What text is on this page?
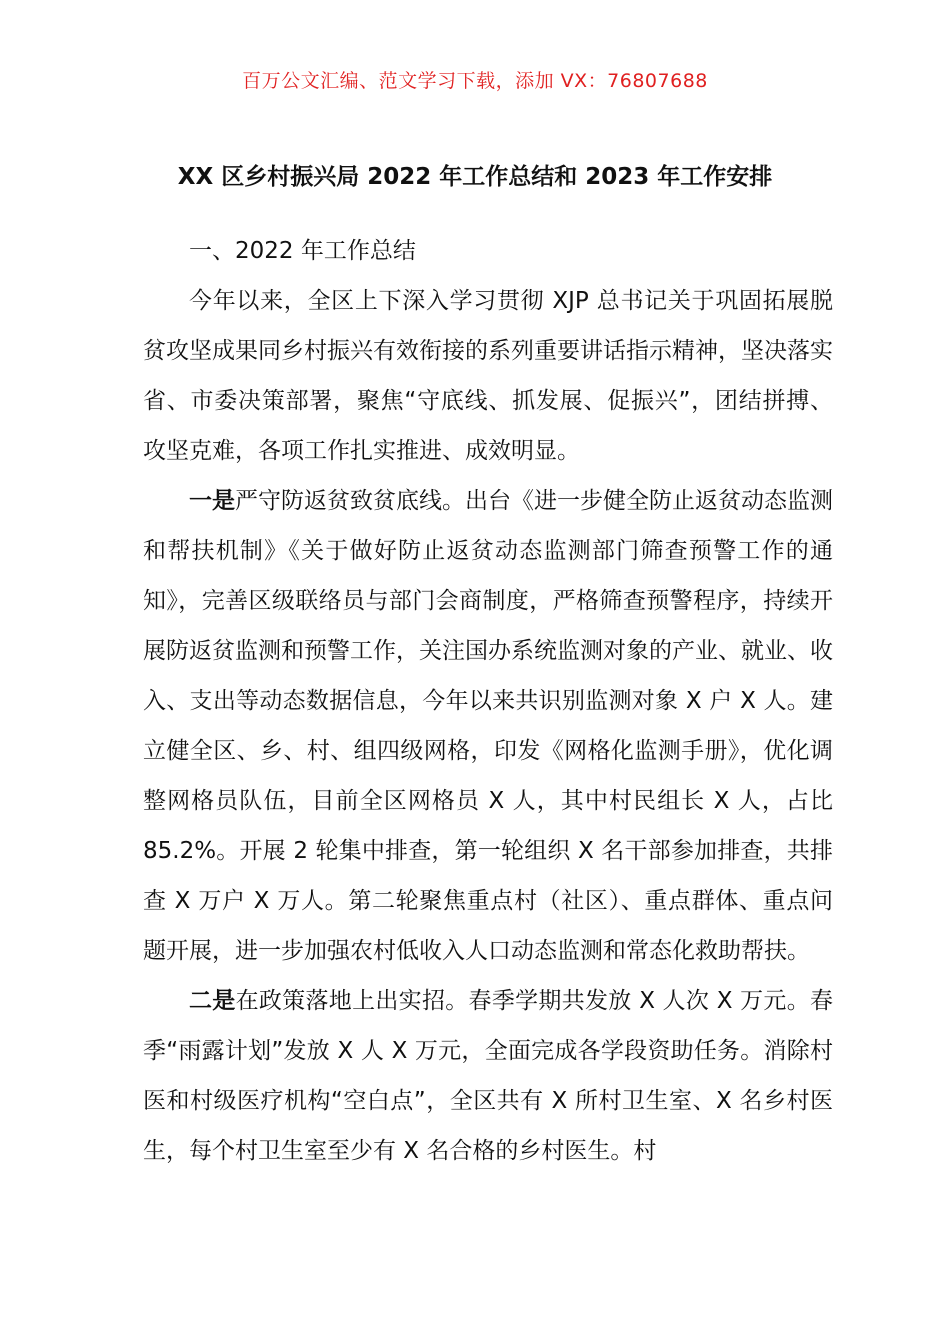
百万公文汇编、范文学习下载，添加 VX：76807688
XX 区乡村振兴局 2022 年工作总结和 2023 年工作安排

一、2022 年工作总结

今年以来，全区上下深入学习贯彻 XJP 总书记关于巩固拓展脱贫攻坚成果同乡村振兴有效衔接的系列重要讲话指示精神，坚决落实省、市委决策部署，聚焦“守底线、抓发展、促振兴”，团结拼搏、攻坚克难，各项工作扎实推进、成效明显。

一是严守防返贫致贫底线。出台《进一步健全防止返贫动态监测和帮扶机制》《关于做好防止返贫动态监测部门筛查预警工作的通知》，完善区级联络员与部门会商制度，严格筛查预警程序，持续开展防返贫监测和预警工作，关注国办系统监测对象的产业、就业、收入、支出等动态数据信息，今年以来共识别监测对象 X 户 X 人。建立健全区、乡、村、组四级网格，印发《网格化监测手册》，优化调整网格员队伍，目前全区网格员 X 人，其中村民组长 X 人，占比 85.2%。开展 2 轮集中排查，第一轮组织 X 名干部参加排查，共排查 X 万户 X 万人。第二轮聚焦重点村（社区）、重点群体、重点问题开展，进一步加强农村低收入人口动态监测和常态化救助帮扶。

二是在政策落地上出实招。春季学期共发放 X 人次 X 万元。春季“雨露计划”发放 X 人 X 万元，全面完成各学段资助任务。消除村医和村级医疗机构“空白点”，全区共有 X 所村卫生室、X 名乡村医生，每个村卫生室至少有 X 名合格的乡村医生。村
